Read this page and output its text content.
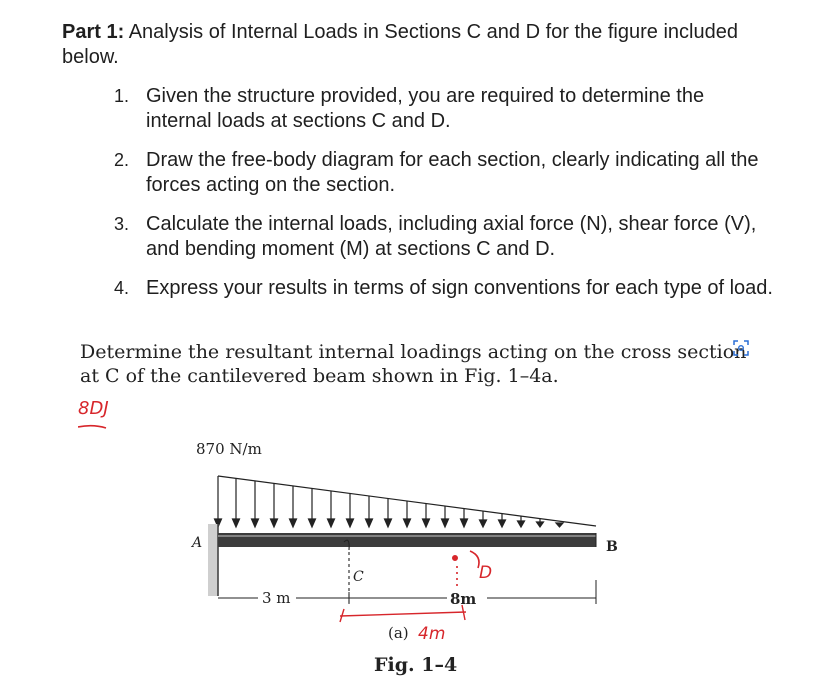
Part 1: Analysis of Internal Loads in Sections C and D for the figure included below.
1. Given the structure provided, you are required to determine the internal loads at sections C and D.
2. Draw the free-body diagram for each section, clearly indicating all the forces acting on the section.
3. Calculate the internal loads, including axial force (N), shear force (V), and bending moment (M) at sections C and D.
4. Express your results in terms of sign conventions for each type of load.
Determine the resultant internal loadings acting on the cross section at C of the cantilevered beam shown in Fig. 1–4a.
8DJ
870 N/m
A	B
C	D
3 m	8m
(a) 4m
Fig. 1–4
